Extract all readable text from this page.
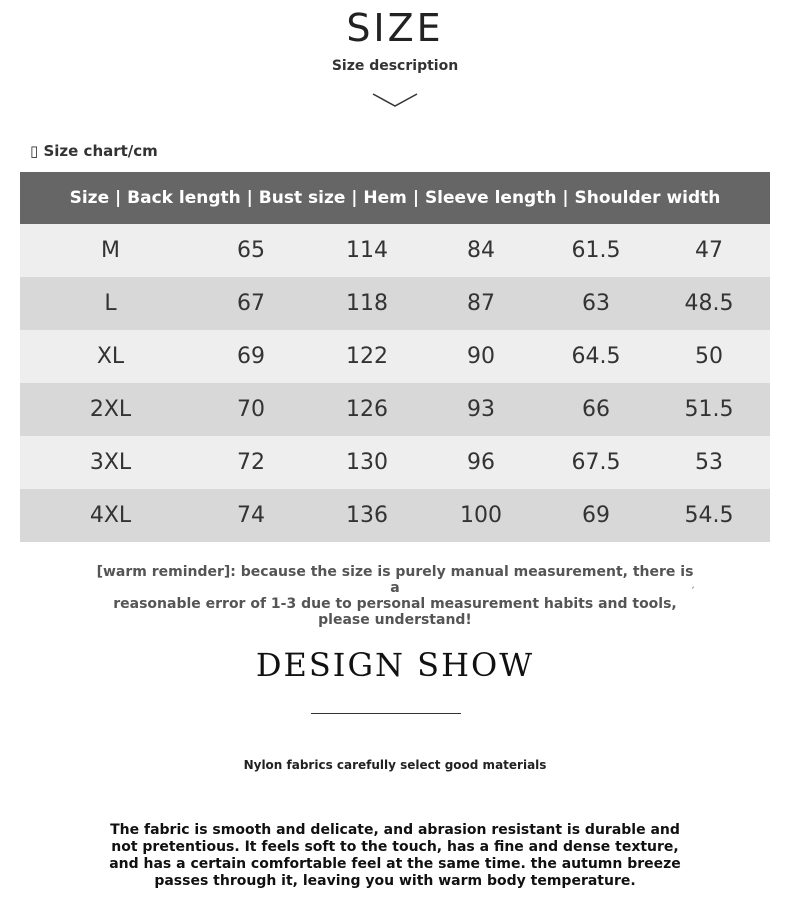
SIZE
Size description
▯ Size chart/cm
Size | Back length | Bust size | Hem | Sleeve length | Shoulder width
M	65	114	84	61.5	47
L	67	118	87	63	48.5
XL	69	122	90	64.5	50
2XL	70	126	93	66	51.5
3XL	72	130	96	67.5	53
4XL	74	136	100	69	54.5
[warm reminder]: because the size is purely manual measurement, there is a
reasonable error of 1-3 due to personal measurement habits and tools,
please understand!
ˏ
DESIGN SHOW
Nylon fabrics carefully select good materials
The fabric is smooth and delicate, and abrasion resistant is durable and
not pretentious. It feels soft to the touch, has a fine and dense texture,
and has a certain comfortable feel at the same time. the autumn breeze
passes through it, leaving you with warm body temperature.
